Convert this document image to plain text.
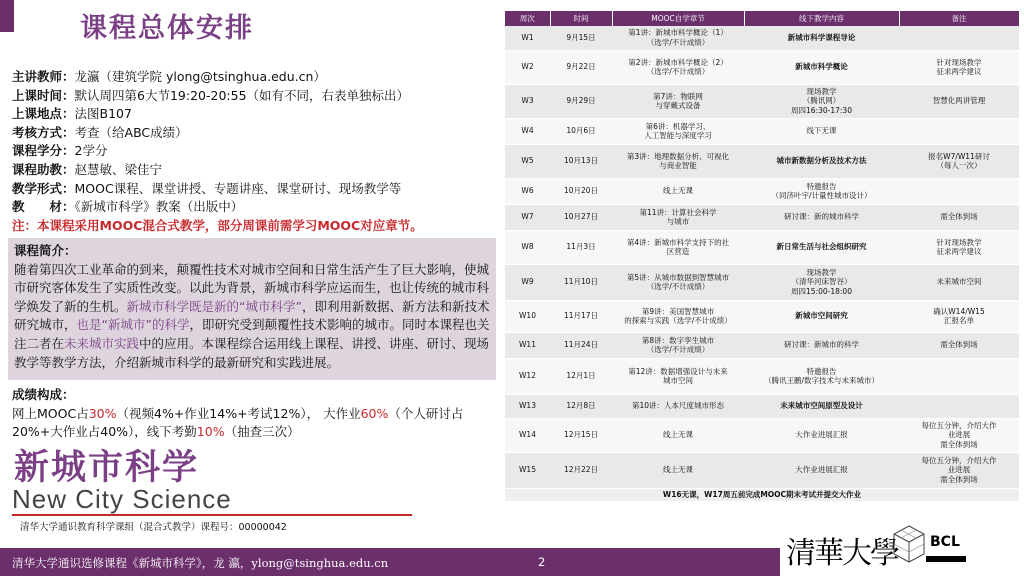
课程总体安排
主讲教师：龙瀛（建筑学院 ylong@tsinghua.edu.cn）
上课时间：默认周四第6大节19:20-20:55（如有不同，右表单独标出）
上课地点：法图B107
考核方式：考查（给ABC成绩）
课程学分：2学分
课程助教：赵慧敏、梁佳宁
教学形式：MOOC课程、课堂讲授、专题讲座、课堂研讨、现场教学等
教　　材：《新城市科学》教案（出版中）
注：本课程采用MOOC混合式教学，部分周课前需学习MOOC对应章节。
课程简介：
随着第四次工业革命的到来，颠覆性技术对城市空间和日常生活产生了巨大影响，使城市研究客体发生了实质性改变。以此为背景，新城市科学应运而生，也让传统的城市科学焕发了新的生机。新城市科学既是新的“城市科学”，即利用新数据、新方法和新技术研究城市，也是“新城市”的科学，即研究受到颠覆性技术影响的城市。同时本课程也关注二者在未来城市实践中的应用。本课程综合运用线上课程、讲授、讲座、研讨、现场教学等教学方法，介绍新城市科学的最新研究和实践进展。
成绩构成：
网上MOOC占30%（视频4%+作业14%+考试12%）， 大作业60%（个人研讨占20%+大作业占40%），线下考勤10%（抽查三次）
新城市科学
New City Science
清华大学通识教育科学课组（混合式教学）课程号：00000042
周次	时间	MOOC自学章节	线下教学内容	备注
W1	9月15日	第1讲：新城市科学概论（1）
（选学/不计成绩）	新城市科学课程导论	
W2	9月22日	第2讲：新城市科学概论（2）
（选学/不计成绩）	新城市科学概论	针对现场教学
征求两学建议
W3	9月29日	第7讲：物联网
与穿戴式设备	现场教学
（腾讯网）
周四16:30-17:30	智慧化两讲管理
W4	10月6日	第6讲：机器学习、
人工智能与深度学习	线下无课	
W5	10月13日	第3讲：地理数据分析、可视化
与商业智能	城市新数据分析及技术方法	报名W7/W11研讨
（每人一次）
W6	10月20日	线上无课	特邀报告
（同济叶宇/计量性城市设计）	
W7	10月27日	第11讲：计算社会科学
与城市	研讨课：新的城市科学	需全体到场
W8	11月3日	第4讲：新城市科学支持下的社
区营造	新日常生活与社会组织研究	针对现场教学
征求两学建议
W9	11月10日	第5讲：从城市数据到智慧城市
（选学/不计成绩）	现场教学
（清华河床智谷）
周四15:00-18:00	未来城市空间
W10	11月17日	第9讲：美国智慧城市
的探索与实践（选学/不计成绩）	新城市空间研究	确认W14/W15
汇报名单
W11	11月24日	第8讲：数字孪生城市
（选学/不计成绩）	研讨课：新城市的科学	需全体到场
W12	12月1日	第12讲：数据增强设计与未来
城市空间	特邀报告
（腾讯王鹏/数字技术与未来城市）	
W13	12月8日	第10讲：人本尺度城市形态	未来城市空间原型及设计	
W14	12月15日	线上无课	大作业进展汇报	每位五分钟，介绍大作
业进展
需全体到场
W15	12月22日	线上无课	大作业进展汇报	每位五分钟，介绍大作
业进展
需全体到场
W16无课，W17周五前完成MOOC期末考试并提交大作业				
清华大学通识选修课程《新城市科学》，龙 瀛，ylong@tsinghua.edu.cn	2	清華大學 BCL
